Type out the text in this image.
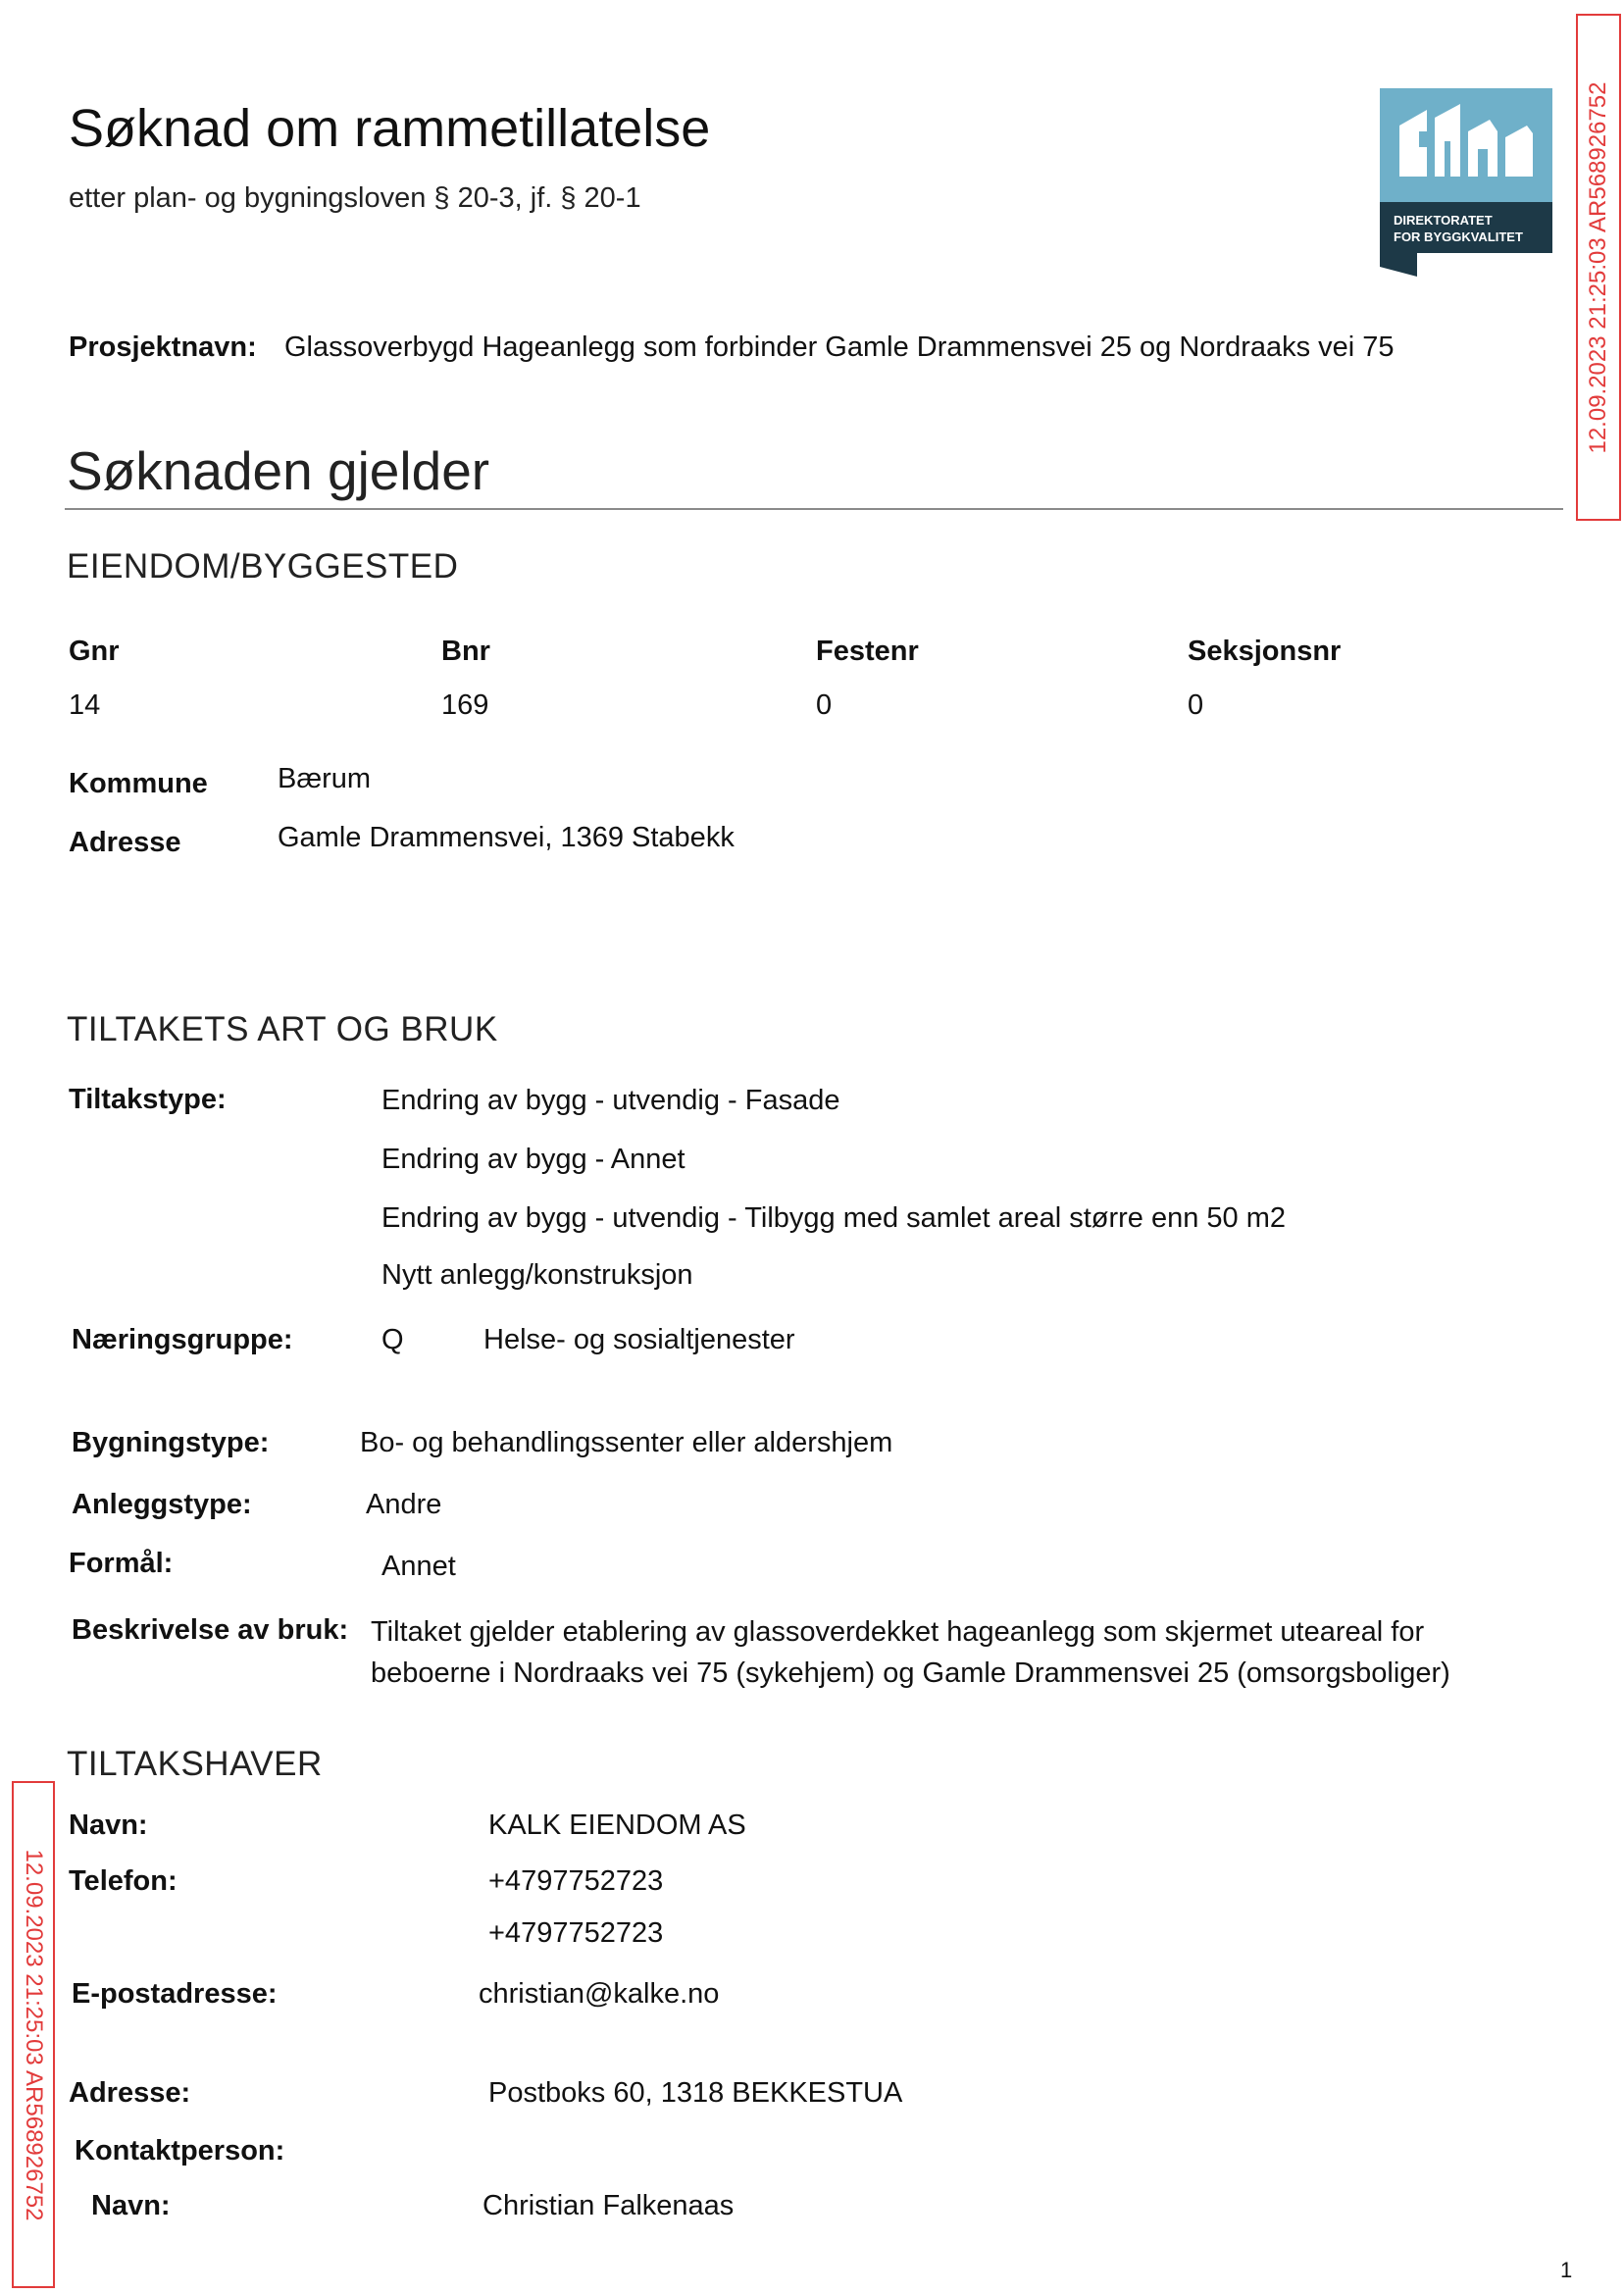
Søknad om rammetillatelse
etter plan- og bygningsloven § 20-3, jf. § 20-1
DIREKTORATET
FOR BYGGKVALITET
Prosjektnavn: Glassoverbygd Hageanlegg som forbinder Gamle Drammensvei 25 og Nordraaks vei 75
Søknaden gjelder
EIENDOM/BYGGESTED
Gnr	Bnr	Festenr	Seksjonsnr
14	169	0	0
Kommune Bærum
Adresse	Gamle Drammensvei, 1369 Stabekk
TILTAKETS ART OG BRUK
Tiltakstype:	Endring av bygg - utvendig - Fasade
Endring av bygg - Annet
Endring av bygg - utvendig - Tilbygg med samlet areal større enn 50 m2
Nytt anlegg/konstruksjon
Næringsgruppe:	Q	Helse- og sosialtjenester
Bygningstype:	Bo- og behandlingssenter eller aldershjem
Anleggstype:	Andre
Formål:	Annet
Beskrivelse av bruk: Tiltaket gjelder etablering av glassoverdekket hageanlegg som skjermet uteareal for beboerne i Nordraaks vei 75 (sykehjem) og Gamle Drammensvei 25 (omsorgsboliger)
TILTAKSHAVER
Navn:	KALK EIENDOM AS
Telefon:	+4797752723
+4797752723
E-postadresse:	christian@kalke.no
Adresse:	Postboks 60, 1318 BEKKESTUA
Kontaktperson:
Navn:	Christian Falkenaas
12.09.2023 21:25:03 AR568926752
12.09.2023 21:25:03 AR568926752
1
